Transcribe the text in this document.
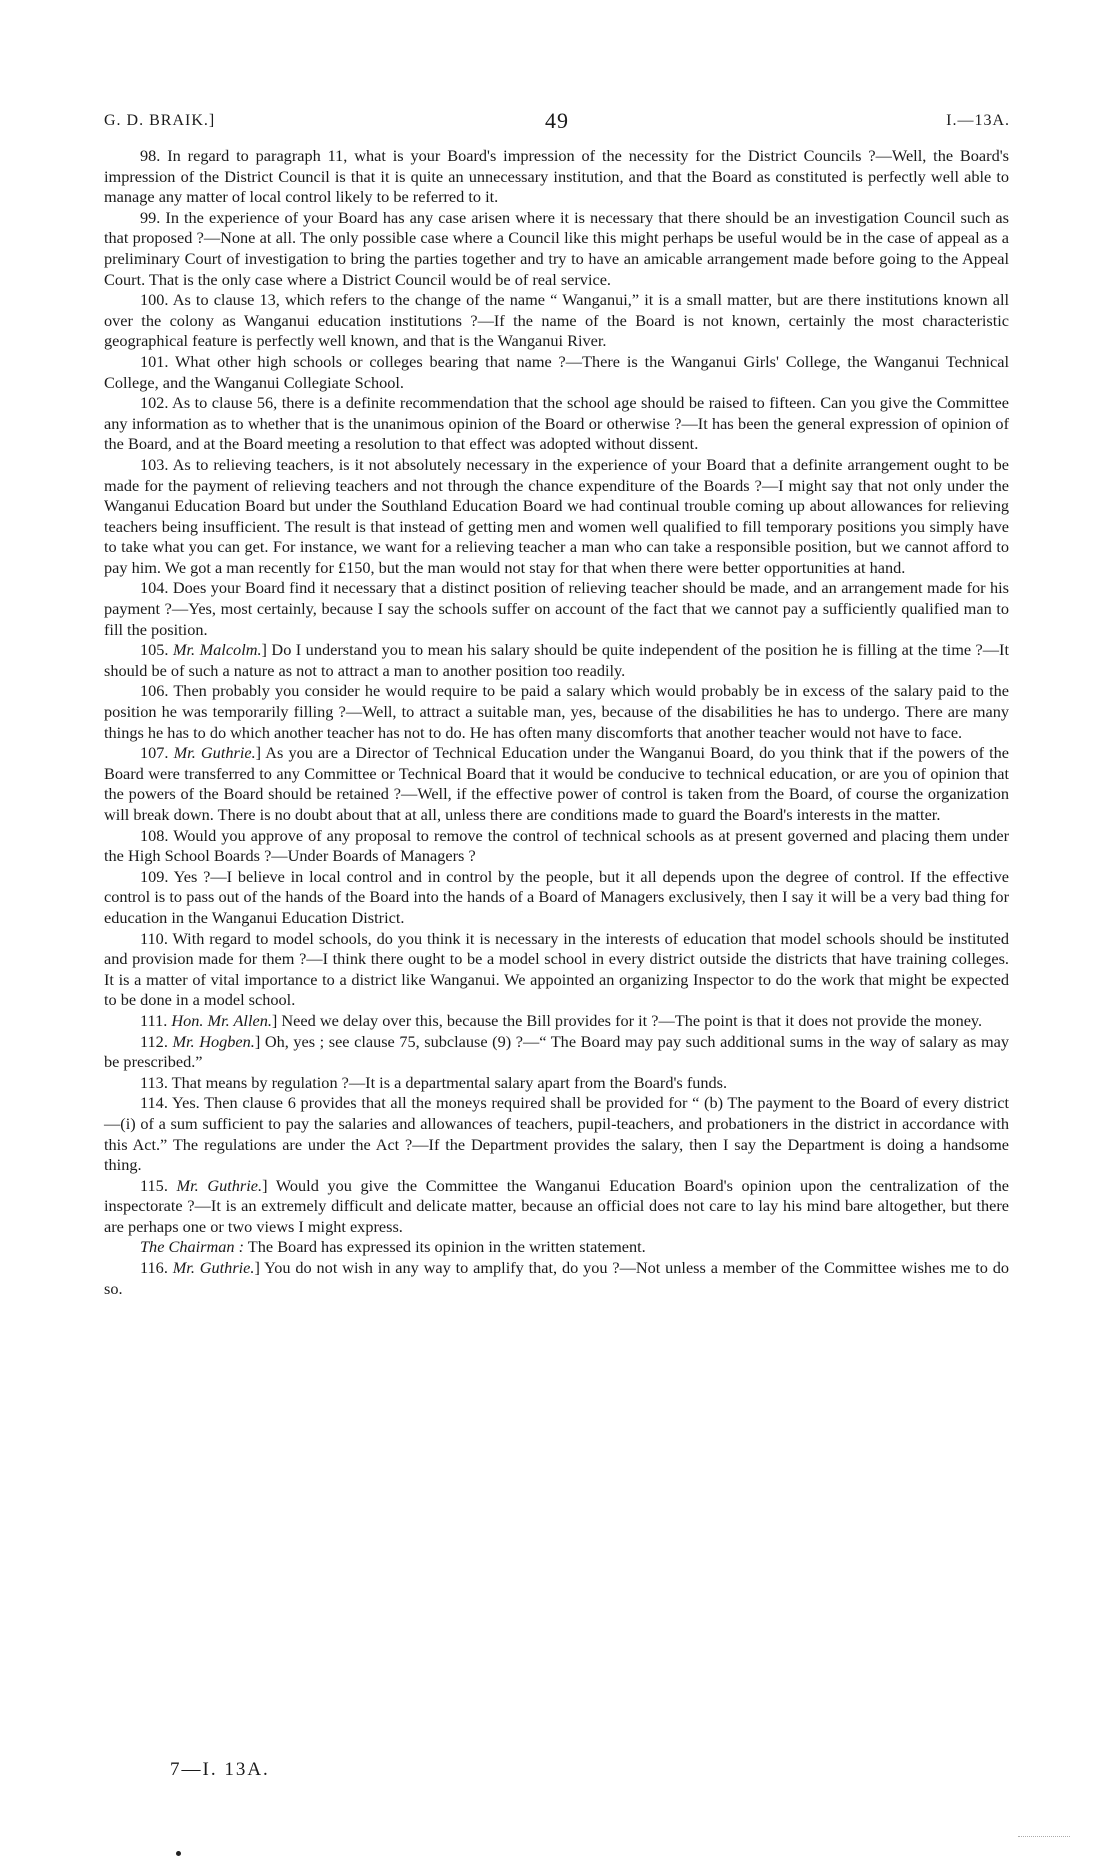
G. D. BRAIK.]	49	I.—13A.

98. In regard to paragraph 11, what is your Board's impression of the necessity for the District Councils ?—Well, the Board's impression of the District Council is that it is quite an unnecessary institution, and that the Board as constituted is perfectly well able to manage any matter of local control likely to be referred to it.

99. In the experience of your Board has any case arisen where it is necessary that there should be an investigation Council such as that proposed ?—None at all. The only possible case where a Council like this might perhaps be useful would be in the case of appeal as a preliminary Court of investigation to bring the parties together and try to have an amicable arrangement made before going to the Appeal Court. That is the only case where a District Council would be of real service.

100. As to clause 13, which refers to the change of the name “ Wanganui,” it is a small matter, but are there institutions known all over the colony as Wanganui education institutions ?—If the name of the Board is not known, certainly the most characteristic geographical feature is perfectly well known, and that is the Wanganui River.

101. What other high schools or colleges bearing that name ?—There is the Wanganui Girls' College, the Wanganui Technical College, and the Wanganui Collegiate School.

102. As to clause 56, there is a definite recommendation that the school age should be raised to fifteen. Can you give the Committee any information as to whether that is the unanimous opinion of the Board or otherwise ?—It has been the general expression of opinion of the Board, and at the Board meeting a resolution to that effect was adopted without dissent.

103. As to relieving teachers, is it not absolutely necessary in the experience of your Board that a definite arrangement ought to be made for the payment of relieving teachers and not through the chance expenditure of the Boards ?—I might say that not only under the Wanganui Education Board but under the Southland Education Board we had continual trouble coming up about allowances for relieving teachers being insufficient. The result is that instead of getting men and women well qualified to fill temporary positions you simply have to take what you can get. For instance, we want for a relieving teacher a man who can take a responsible position, but we cannot afford to pay him. We got a man recently for £150, but the man would not stay for that when there were better opportunities at hand.

104. Does your Board find it necessary that a distinct position of relieving teacher should be made, and an arrangement made for his payment ?—Yes, most certainly, because I say the schools suffer on account of the fact that we cannot pay a sufficiently qualified man to fill the position.

105. Mr. Malcolm.] Do I understand you to mean his salary should be quite independent of the position he is filling at the time ?—It should be of such a nature as not to attract a man to another position too readily.

106. Then probably you consider he would require to be paid a salary which would probably be in excess of the salary paid to the position he was temporarily filling ?—Well, to attract a suitable man, yes, because of the disabilities he has to undergo. There are many things he has to do which another teacher has not to do. He has often many discomforts that another teacher would not have to face.

107. Mr. Guthrie.] As you are a Director of Technical Education under the Wanganui Board, do you think that if the powers of the Board were transferred to any Committee or Technical Board that it would be conducive to technical education, or are you of opinion that the powers of the Board should be retained ?—Well, if the effective power of control is taken from the Board, of course the organization will break down. There is no doubt about that at all, unless there are conditions made to guard the Board's interests in the matter.

108. Would you approve of any proposal to remove the control of technical schools as at present governed and placing them under the High School Boards ?—Under Boards of Managers ?

109. Yes ?—I believe in local control and in control by the people, but it all depends upon the degree of control. If the effective control is to pass out of the hands of the Board into the hands of a Board of Managers exclusively, then I say it will be a very bad thing for education in the Wanganui Education District.

110. With regard to model schools, do you think it is necessary in the interests of education that model schools should be instituted and provision made for them ?—I think there ought to be a model school in every district outside the districts that have training colleges. It is a matter of vital importance to a district like Wanganui. We appointed an organizing Inspector to do the work that might be expected to be done in a model school.

111. Hon. Mr. Allen.] Need we delay over this, because the Bill provides for it ?—The point is that it does not provide the money.

112. Mr. Hogben.] Oh, yes ; see clause 75, subclause (9) ?—“ The Board may pay such additional sums in the way of salary as may be prescribed.”

113. That means by regulation ?—It is a departmental salary apart from the Board's funds.

114. Yes. Then clause 6 provides that all the moneys required shall be provided for “ (b) The payment to the Board of every district—(i) of a sum sufficient to pay the salaries and allowances of teachers, pupil-teachers, and probationers in the district in accordance with this Act.” The regulations are under the Act ?—If the Department provides the salary, then I say the Department is doing a handsome thing.

115. Mr. Guthrie.] Would you give the Committee the Wanganui Education Board's opinion upon the centralization of the inspectorate ?—It is an extremely difficult and delicate matter, because an official does not care to lay his mind bare altogether, but there are perhaps one or two views I might express.

The Chairman : The Board has expressed its opinion in the written statement.

116. Mr. Guthrie.] You do not wish in any way to amplify that, do you ?—Not unless a member of the Committee wishes me to do so.

7—I. 13A.
